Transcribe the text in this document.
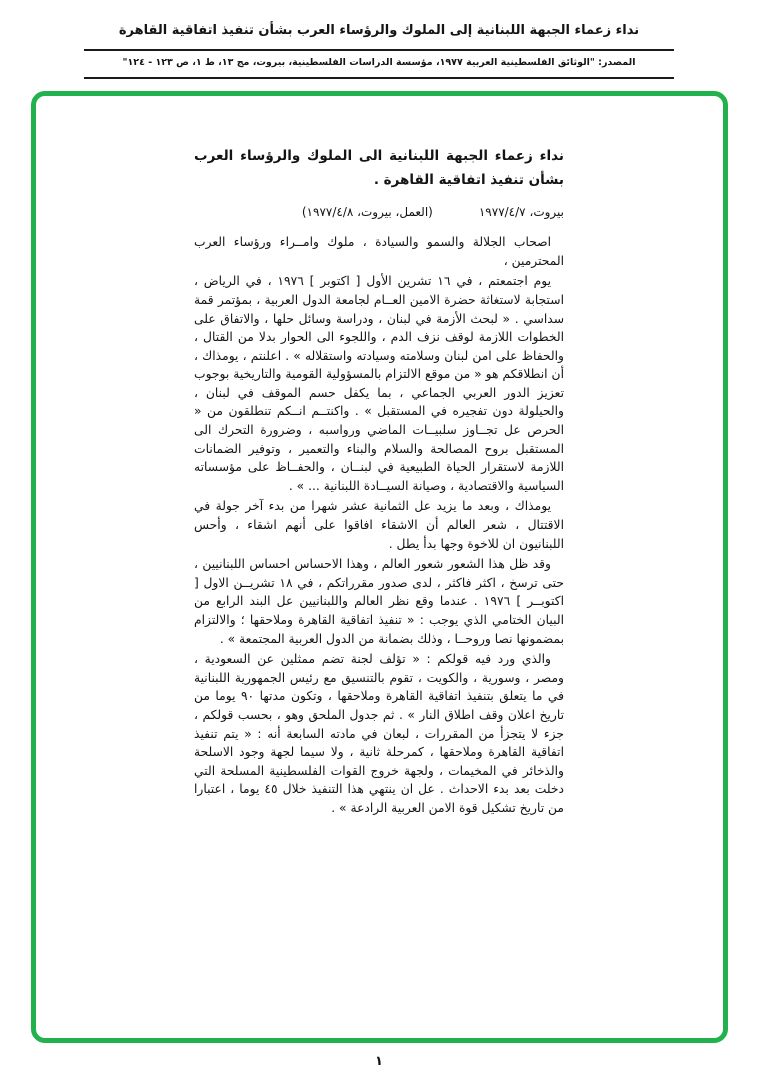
نداء زعماء الجبهة اللبنانية إلى الملوك والرؤساء العرب بشأن تنفيذ اتفاقية القاهرة
المصدر: "الوثائق الفلسطينية العربية ١٩٧٧، مؤسسة الدراسات الفلسطينية، بيروت، مج ١٣، ط ١، ص ١٢٣ - ١٢٤"
نداء زعماء الجبهة اللبنانية الى الملوك والرؤساء العرب بشأن تنفيذ اتفاقية القاهرة .
بيروت، ١٩٧٧/٤/٧
(العمل، بيروت، ١٩٧٧/٤/٨)

اصحاب الجلالة والسمو والسيادة ، ملوك وامــراء ورؤساء العرب المحترمين ،

يوم اجتمعتم ، في ١٦ تشرين الأول [ اكتوبر ] ١٩٧٦ ، في الرياض ، استجابة لاستغاثة حضرة الامين العــام لجامعة الدول العربية ، بمؤتمر قمة سداسي . « لبحث الأزمة في لبنان ، ودراسة وسائل حلها ، والاتفاق على الخطوات اللازمة لوقف نزف الدم ، واللجوء الى الحوار بدلا من القتال ، والحفاظ على امن لبنان وسلامته وسيادته واستقلاله » . اعلنتم ، يومذاك ، أن انطلاقكم هو « من موقع الالتزام بالمسؤولية القومية والتاريخية بوجوب تعزيز الدور العربي الجماعي ، بما يكفل حسم الموقف في لبنان ، والحيلولة دون تفجيره في المستقبل » . واكنتــم انــكم تنطلقون من « الحرص عل تجــاوز سلبيــات الماضي ورواسبه ، وضرورة التحرك الى المستقبل بروح المصالحة والسلام والبناء والتعمير ، وتوفير الضمانات اللازمة لاستقرار الحياة الطبيعية في لبنــان ، والحفــاظ على مؤسساته السياسية والاقتصادية ، وصيانة السيــادة اللبنانية ... » .

يومذاك ، وبعد ما يزيد عل الثمانية عشر شهرا من بدء آخر جولة في الاقتتال ، شعر العالم أن الاشقاء افاقوا على أنهم اشقاء ، وأحس اللبنانيون ان للاخوة وجها بدأ يطل .

وقد ظل هذا الشعور شعور العالم ، وهذا الاحساس احساس اللبنانيين ، حتى ترسخ ، اكثر فاكثر ، لدى صدور مقرراتكم ، في ١٨ تشريــن الاول [ اكتوبــر ] ١٩٧٦ . عندما وقع نظر العالم واللبنانيين عل البند الرابع من البيان الختامي الذي يوجب : « تنفيذ اتفاقية القاهرة وملاحقها ؛ والالتزام بمضمونها نصا وروحــا ، وذلك بضمانة من الدول العربية المجتمعة » .

والذي ورد فيه قولكم : « تؤلف لجنة تضم ممثلين عن السعودية ، ومصر ، وسورية ، والكويت ، تقوم بالتنسيق مع رئيس الجمهورية اللبنانية في ما يتعلق بتنفيذ اتفاقية القاهرة وملاحقها ، وتكون مدتها ٩٠ يوما من تاريخ اعلان وقف اطلاق النار » . ثم جدول الملحق وهو ، بحسب قولكم ، جزء لا يتجزأ من المقررات ، لبعان في مادته السابعة أنه : « يتم تنفيذ اتفاقية القاهرة وملاحقها ، كمرحلة ثانية ، ولا سيما لجهة وجود الاسلحة والذخائر في المخيمات ، ولجهة خروج القوات الفلسطينية المسلحة التي دخلت بعد بدء الاحداث . عل ان ينتهي هذا التنفيذ خلال ٤٥ يوما ، اعتبارا من تاريخ تشكيل قوة الامن العربية الرادعة » .

١
